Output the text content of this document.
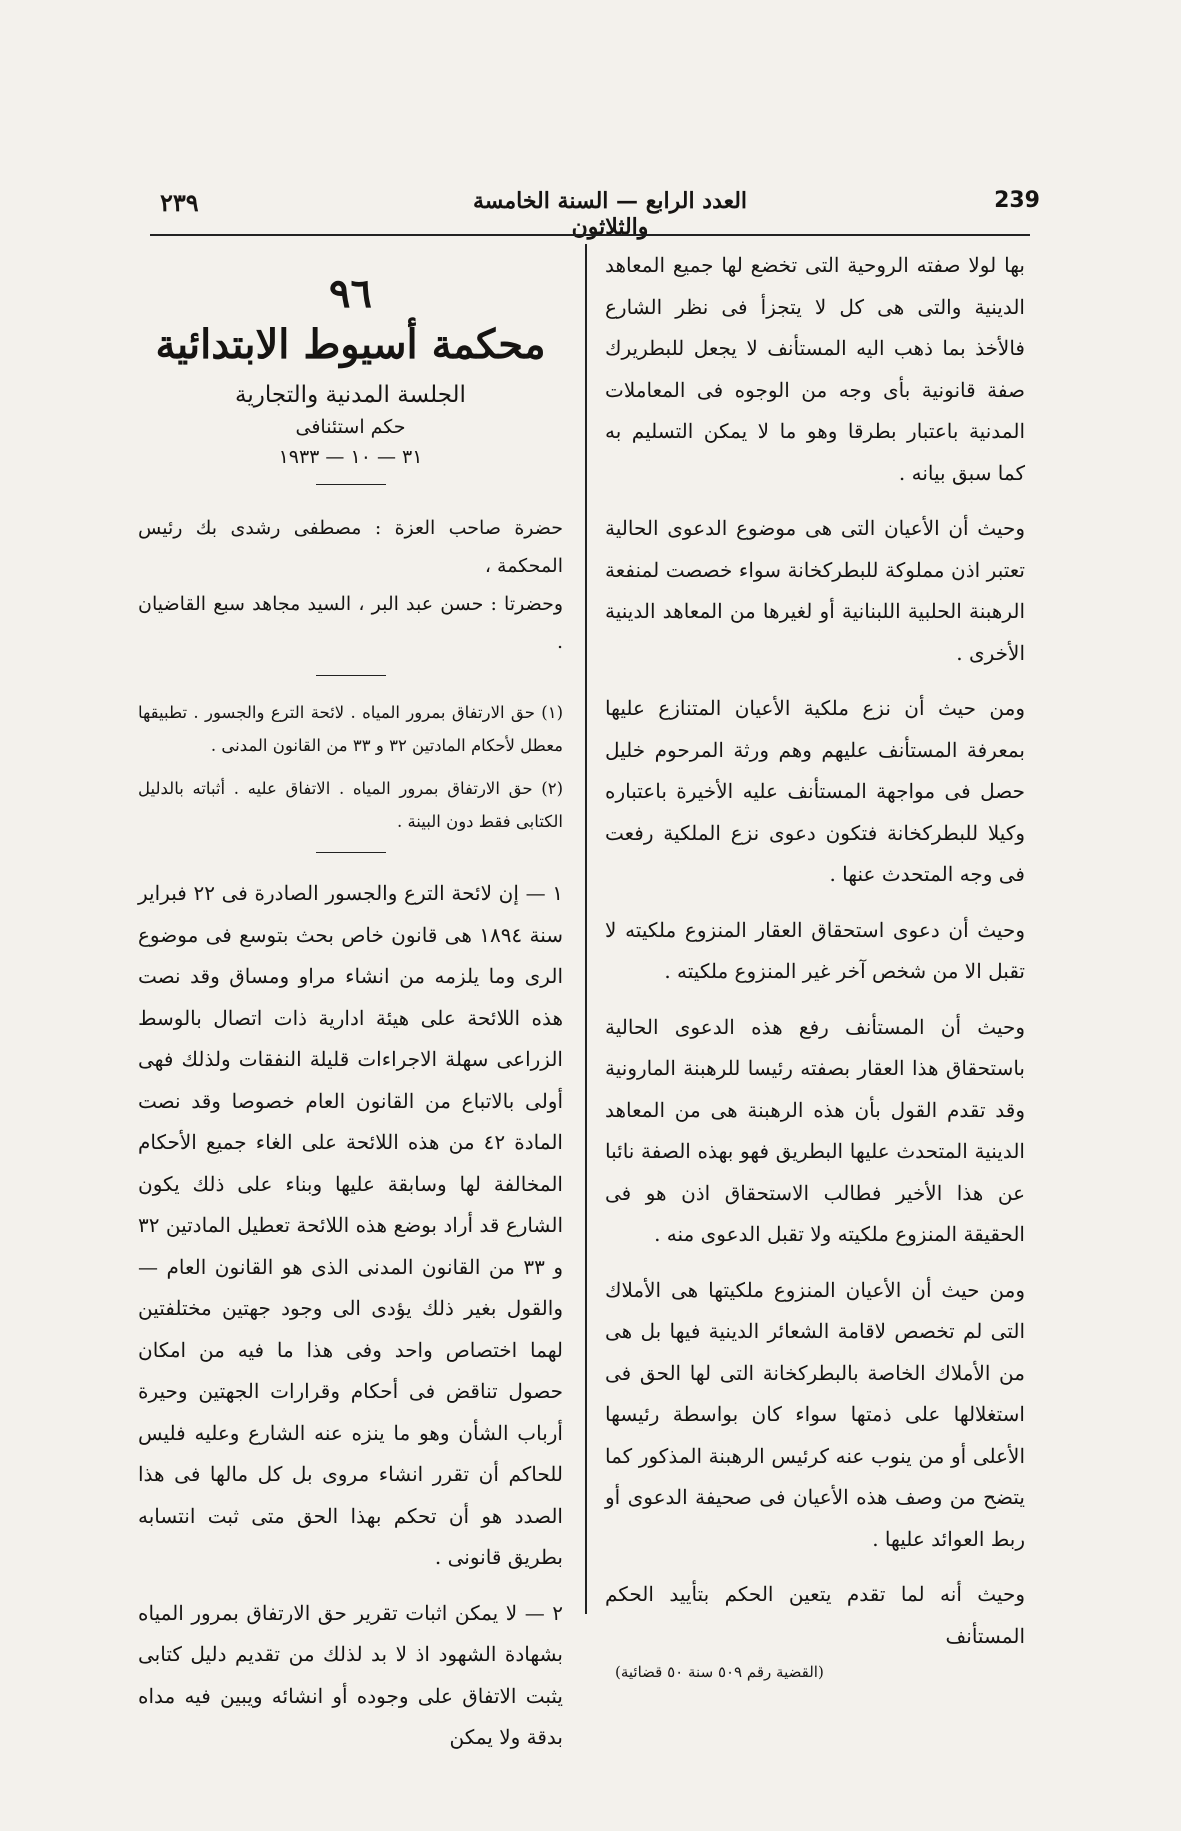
٢٣٩	العدد الرابع — السنة الخامسة والثلاثون
239
٩٦
محكمة أسيوط الابتدائية
الجلسة المدنية والتجارية
حكم استئنافى
٣١ — ١٠ — ١٩٣٣

حضرة صاحب العزة : مصطفى رشدى بك رئيس المحكمة ،

وحضرتا : حسن عبد البر ، السيد مجاهد سبع القاضيان .

(١) حق الارتفاق بمرور المياه . لائحة الترع والجسور . تطبيقها معطل لأحكام المادتين ٣٢ و ٣٣ من القانون المدنى .

(٢) حق الارتفاق بمرور المياه . الاتفاق عليه . أثباته بالدليل الكتابى فقط دون البينة .

١ — إن لائحة الترع والجسور الصادرة فى ٢٢ فبراير سنة ١٨٩٤ هى قانون خاص بحث بتوسع فى موضوع الرى وما يلزمه من انشاء مراو ومساق وقد نصت هذه اللائحة على هيئة ادارية ذات اتصال بالوسط الزراعى سهلة الاجراءات قليلة النفقات ولذلك فهى أولى بالاتباع من القانون العام خصوصا وقد نصت المادة ٤٢ من هذه اللائحة على الغاء جميع الأحكام المخالفة لها وسابقة عليها وبناء على ذلك يكون الشارع قد أراد بوضع هذه اللائحة تعطيل المادتين ٣٢ و ٣٣ من القانون المدنى الذى هو القانون العام — والقول بغير ذلك يؤدى الى وجود جهتين مختلفتين لهما اختصاص واحد وفى هذا ما فيه من امكان حصول تناقض فى أحكام وقرارات الجهتين وحيرة أرباب الشأن وهو ما ينزه عنه الشارع وعليه فليس للحاكم أن تقرر انشاء مروى بل كل مالها فى هذا الصدد هو أن تحكم بهذا الحق متى ثبت انتسابه بطريق قانونى .

٢ — لا يمكن اثبات تقرير حق الارتفاق بمرور المياه بشهادة الشهود اذ لا بد لذلك من تقديم دليل كتابى يثبت الاتفاق على وجوده أو انشائه ويبين فيه مداه بدقة ولا يمكن

بها لولا صفته الروحية التى تخضع لها جميع المعاهد الدينية والتى هى كل لا يتجزأ فى نظر الشارع فالأخذ بما ذهب اليه المستأنف لا يجعل للبطريرك صفة قانونية بأى وجه من الوجوه فى المعاملات المدنية باعتبار بطرقا وهو ما لا يمكن التسليم به كما سبق بيانه .

وحيث أن الأعيان التى هى موضوع الدعوى الحالية تعتبر اذن مملوكة للبطركخانة سواء خصصت لمنفعة الرهبنة الحلبية اللبنانية أو لغيرها من المعاهد الدينية الأخرى .

ومن حيث أن نزع ملكية الأعيان المتنازع عليها بمعرفة المستأنف عليهم وهم ورثة المرحوم خليل حصل فى مواجهة المستأنف عليه الأخيرة باعتباره وكيلا للبطركخانة فتكون دعوى نزع الملكية رفعت فى وجه المتحدث عنها .

وحيث أن دعوى استحقاق العقار المنزوع ملكيته لا تقبل الا من شخص آخر غير المنزوع ملكيته .

وحيث أن المستأنف رفع هذه الدعوى الحالية باستحقاق هذا العقار بصفته رئيسا للرهبنة المارونية وقد تقدم القول بأن هذه الرهبنة هى من المعاهد الدينية المتحدث عليها البطريق فهو بهذه الصفة نائبا عن هذا الأخير فطالب الاستحقاق اذن هو فى الحقيقة المنزوع ملكيته ولا تقبل الدعوى منه .

ومن حيث أن الأعيان المنزوع ملكيتها هى الأملاك التى لم تخصص لاقامة الشعائر الدينية فيها بل هى من الأملاك الخاصة بالبطركخانة التى لها الحق فى استغلالها على ذمتها سواء كان بواسطة رئيسها الأعلى أو من ينوب عنه كرئيس الرهبنة المذكور كما يتضح من وصف هذه الأعيان فى صحيفة الدعوى أو ربط العوائد عليها .

وحيث أنه لما تقدم يتعين الحكم بتأييد الحكم المستأنف

(القضية رقم ٥٠٩ سنة ٥٠ قضائية)
